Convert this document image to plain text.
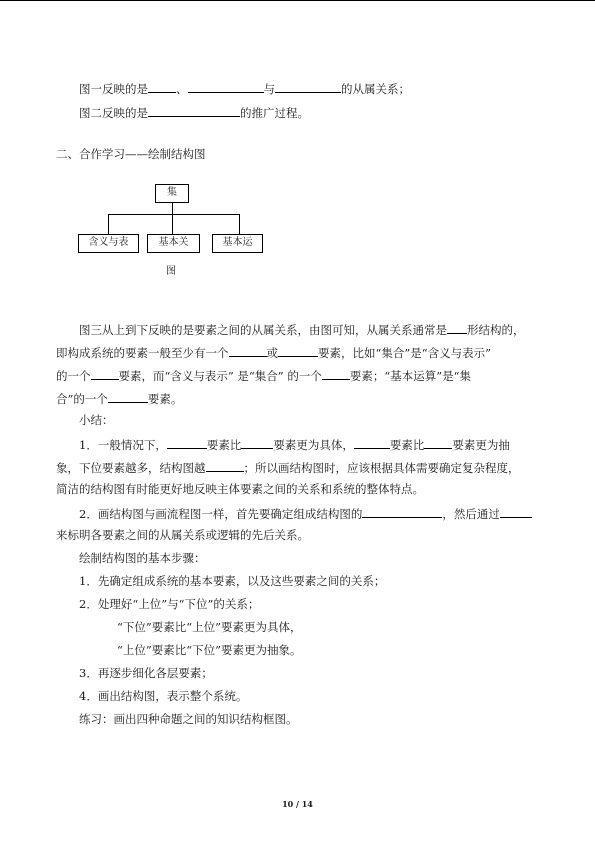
图一反映的是 、	与	的从属关系；
图二反映的是	的推广过程。
二、合作学习——绘制结构图
集
含义与表	基本关	基本运
图
图三从上到下反映的是要素之间的从属关系，由图可知，从属关系通常是 形结构的，
即构成系统的要素一般至少有一个	或	要素，比如“集合”是“含义与表示”
的一个 要素，而“含义与表示” 是“集合” 的一个 要素；“基本运算”是“集
合”的一个	要素。
小结：
1．一般情况下，	要素比	要素更为具体，	要素比 要素更为抽
象，下位要素越多，结构图越	；所以画结构图时，应该根据具体需要确定复杂程度，
简洁的结构图有时能更好地反映主体要素之间的关系和系统的整体特点。
2．画结构图与画流程图一样，首先要确定组成结构图的	，然后通过
来标明各要素之间的从属关系或逻辑的先后关系。
绘制结构图的基本步骤：
1．先确定组成系统的基本要素，以及这些要素之间的关系；
2．处理好“上位”与“下位”的关系；
“下位”要素比“上位”要素更为具体，
“上位”要素比“下位”要素更为抽象。
3．再逐步细化各层要素；
4．画出结构图，表示整个系统。
练习：画出四种命题之间的知识结构框图。
10 / 14
